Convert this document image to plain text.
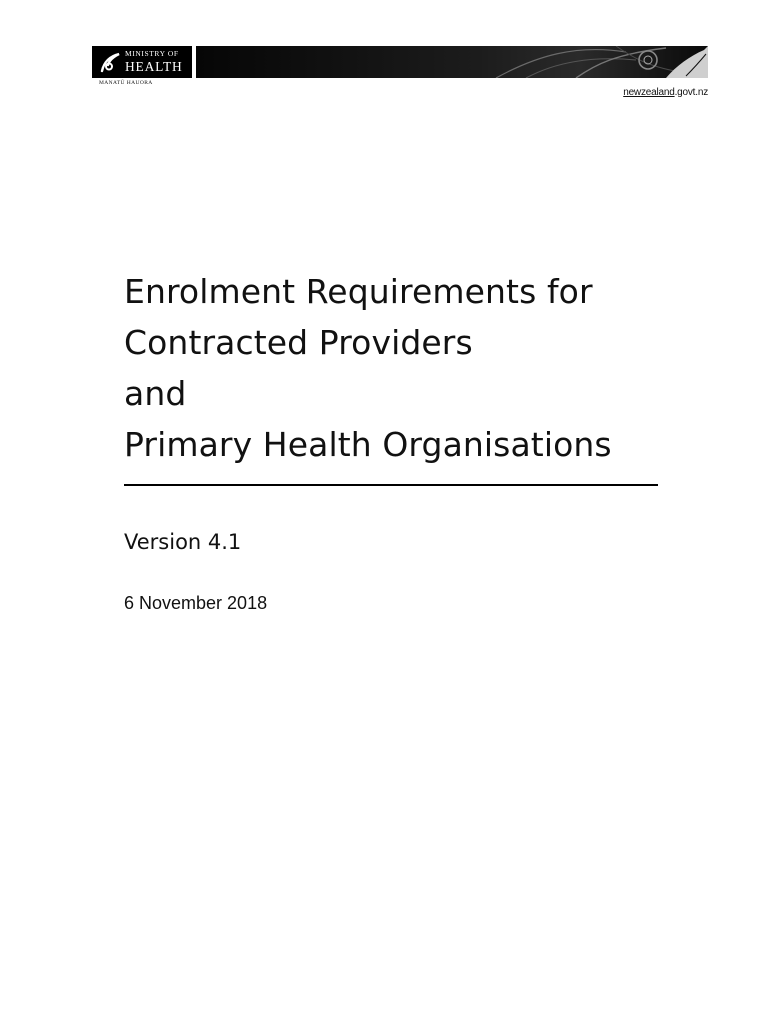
MINISTRY OF
HEALTH
MANATŪ HAUORA
newzealand.govt.nz
Enrolment Requirements for
Contracted Providers
and
Primary Health Organisations
Version 4.1
6 November 2018
